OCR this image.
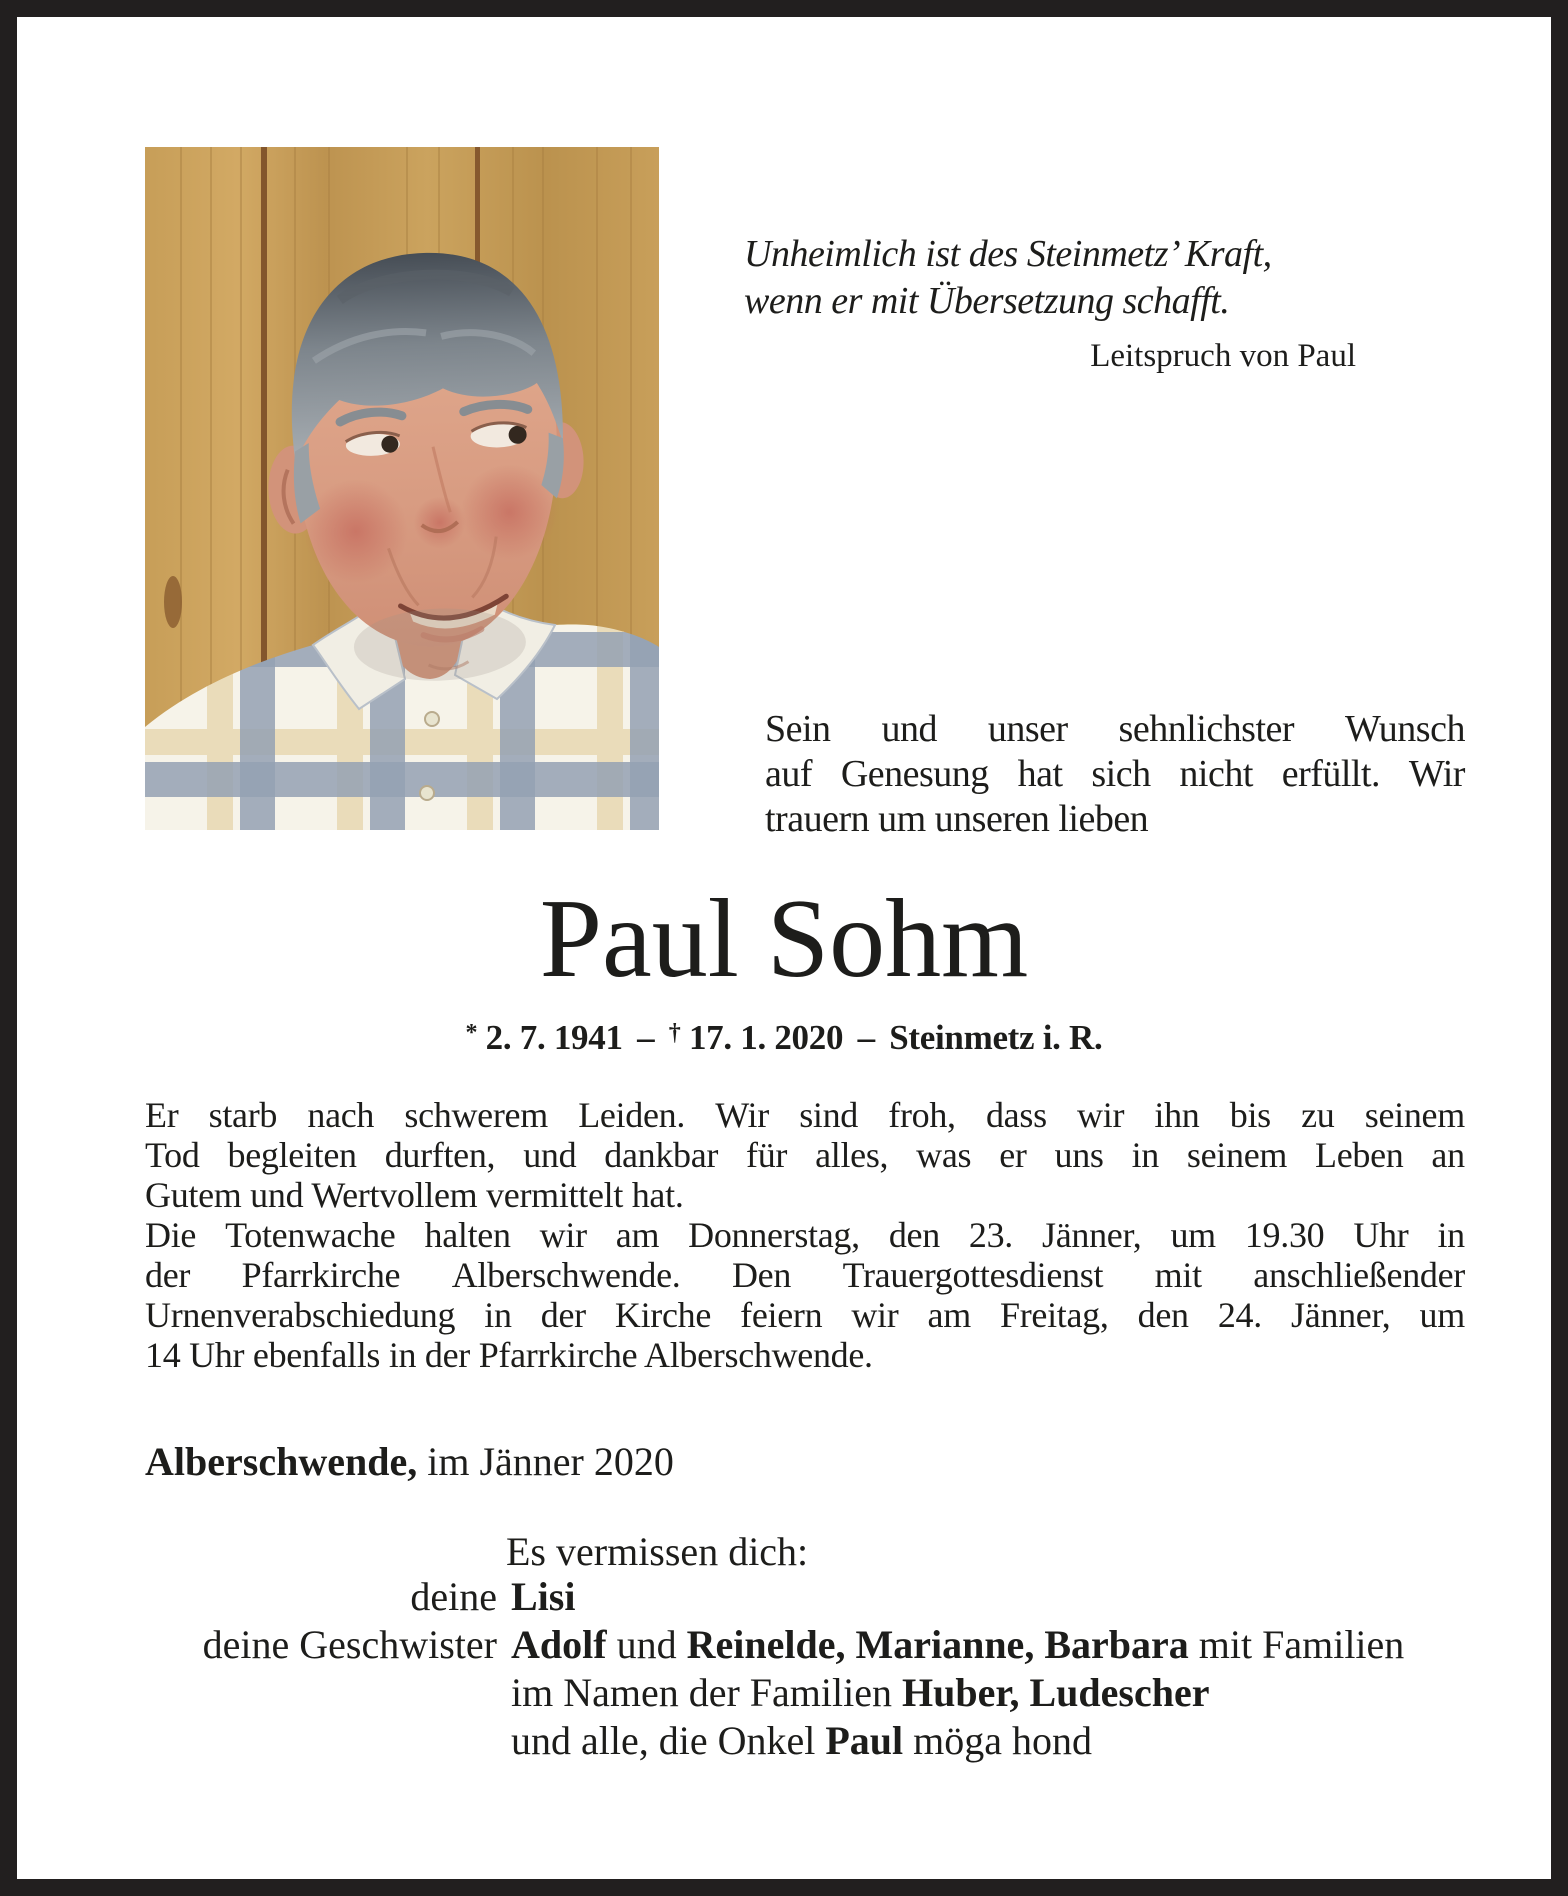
Unheimlich ist des Steinmetz’ Kraft,
wenn er mit Übersetzung schafft.
Leitspruch von Paul
Sein und unser sehnlichster Wunsch
auf Genesung hat sich nicht erfüllt. Wir
trauern um unseren lieben
Paul Sohm
* 2. 7. 1941 – † 17. 1. 2020 – Steinmetz i. R.
Er starb nach schwerem Leiden. Wir sind froh, dass wir ihn bis zu seinem
Tod begleiten durften, und dankbar für alles, was er uns in seinem Leben an
Gutem und Wertvollem vermittelt hat.
Die Totenwache halten wir am Donnerstag, den 23. Jänner, um 19.30 Uhr in
der Pfarrkirche Alberschwende. Den Trauergottesdienst mit anschließender
Urnenverabschiedung in der Kirche feiern wir am Freitag, den 24. Jänner, um
14 Uhr ebenfalls in der Pfarrkirche Alberschwende.
Alberschwende, im Jänner 2020
Es vermissen dich:
deine Lisi
deine Geschwister Adolf und Reinelde, Marianne, Barbara mit Familien
im Namen der Familien Huber, Ludescher
und alle, die Onkel Paul möga hond
